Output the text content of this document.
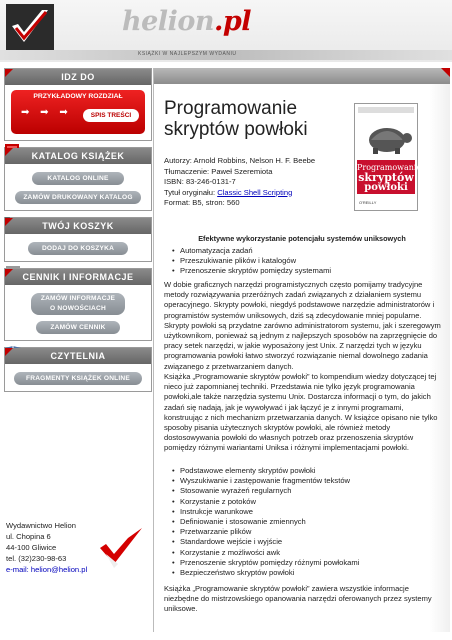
helion.pl
KSIĄŻKI W NAJLEPSZYM WYDANIU
IDZ DO
PRZYKŁADOWY ROZDZIAŁ
➡ ➡ ➡	SPIS TREŚCI
KATALOG KSIĄŻEK
KATALOG ONLINE
ZAMÓW DRUKOWANY KATALOG
TWÓJ KOSZYK
DODAJ DO KOSZYKA
CENNIK I INFORMACJE
ZAMÓW INFORMACJE
O NOWOŚCIACH
ZAMÓW CENNIK
CZYTELNIA
FRAGMENTY KSIĄŻEK ONLINE
Wydawnictwo Helion
ul. Chopina 6
44-100 Gliwice
tel. (32)230-98-63
e-mail: helion@helion.pl
Programowanie
skryptów powłoki
Autorzy: Arnold Robbins, Nelson H. F. Beebe
Tłumaczenie: Paweł Szeremiota
ISBN: 83-246-0131-7
Tytuł oryginału: Classic Shell Scripting
Format: B5, stron: 560
Programowanie
skryptów
powłoki
O'REILLY
Efektywne wykorzystanie potencjału systemów uniksowych
• Automatyzacja zadań
• Przeszukiwanie plików i katalogów
• Przenoszenie skryptów pomiędzy systemami
W dobie graficznych narzędzi programistycznych często pomijamy tradycyjne metody rozwiązywania przeróżnych zadań związanych z działaniem systemu operacyjnego. Skrypty powłoki, niegdyś podstawowe narzędzie administratorów i programistów systemów uniksowych, dziś są zdecydowanie mniej popularne. Skrypty powłoki są przydatne zarówno administratorom systemu, jak i szeregowym użytkownikom, ponieważ są jednym z najlepszych sposobów na zaprzęgnięcie do pracy setek narzędzi, w jakie wyposażony jest Unix. Z narzędzi tych w języku programowania powłoki łatwo stworzyć rozwiązanie niemal dowolnego zadania związanego z przetwarzaniem danych.
Książka „Programowanie skryptów powłoki” to kompendium wiedzy dotyczącej tej nieco już zapomnianej techniki. Przedstawia nie tylko język programowania powłoki,ale także narzędzia systemu Unix. Dostarcza informacji o tym, do jakich zadań się nadają, jak je wywoływać i jak łączyć je z innymi programami, konstruując z nich mechanizm przetwarzania danych. W książce opisano nie tylko sposoby pisania użytecznych skryptów powłoki, ale również metody dostosowywania powłoki do własnych potrzeb oraz przenoszenia skryptów pomiędzy różnymi wariantami Uniksa i różnymi implementacjami powłoki.
• Podstawowe elementy skryptów powłoki
• Wyszukiwanie i zastępowanie fragmentów tekstów
• Stosowanie wyrażeń regularnych
• Korzystanie z potoków
• Instrukcje warunkowe
• Definiowanie i stosowanie zmiennych
• Przetwarzanie plików
• Standardowe wejście i wyjście
• Korzystanie z możliwości awk
• Przenoszenie skryptów pomiędzy różnymi powłokami
• Bezpieczeństwo skryptów powłoki
Książka „Programowanie skryptów powłoki” zawiera wszystkie informacje niezbędne do mistrzowskiego opanowania narzędzi oferowanych przez systemy uniksowe.
